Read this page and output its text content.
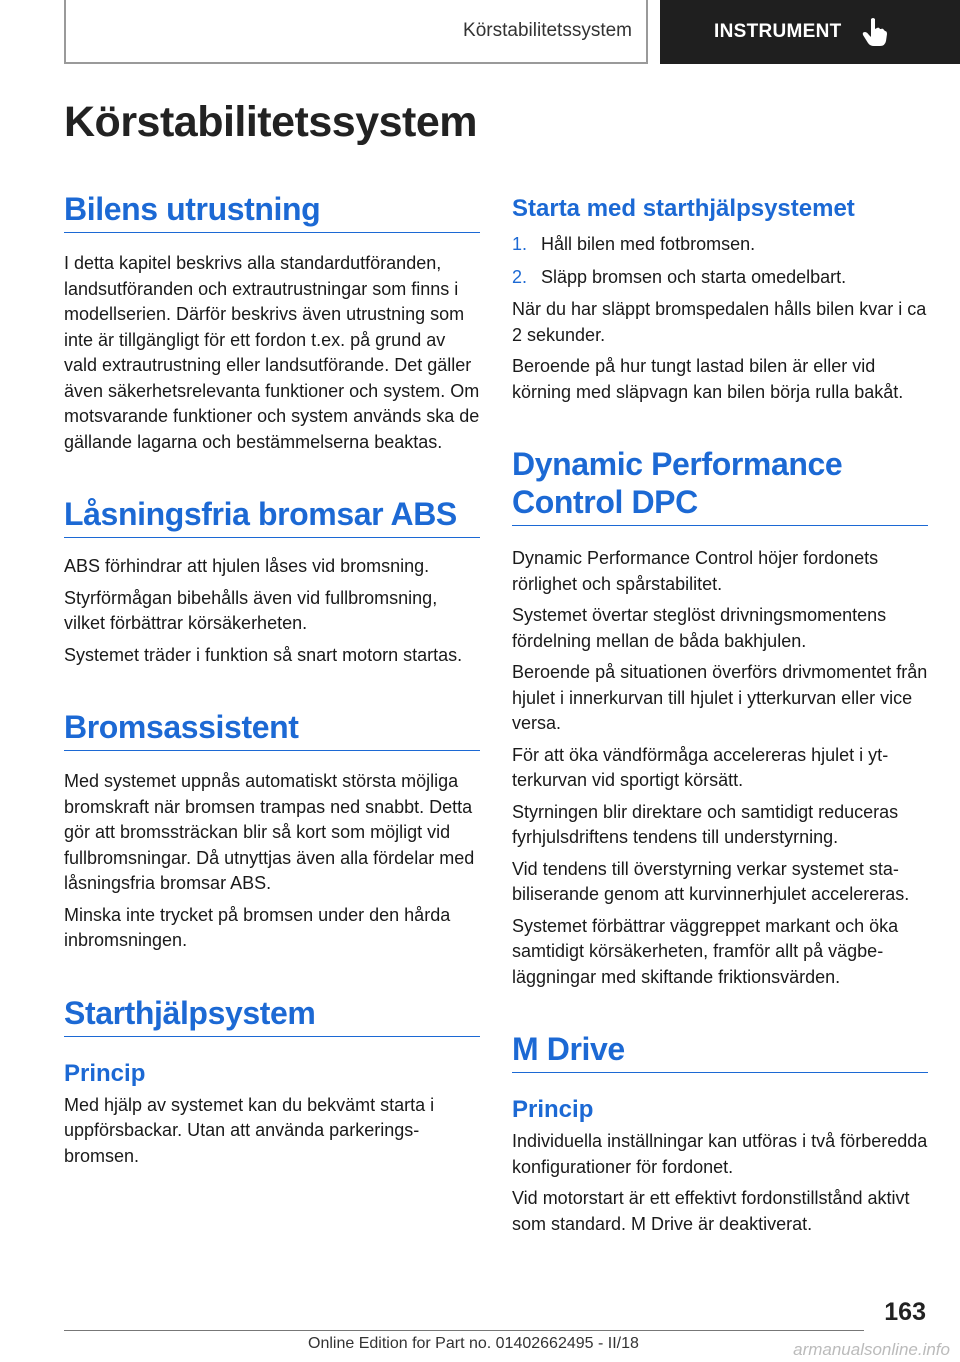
Körstabilitetssystem	INSTRUMENT
Körstabilitetssystem
Bilens utrustning

I detta kapitel beskrivs alla standardutföranden, landsutföranden och extrautrustningar som finns i modellserien. Därför beskrivs även utrustning som inte är tillgängligt för ett fordon t.ex. på grund av vald extrautrustning eller landsutförande. Det gäller även säkerhetsrelevanta funktioner och system. Om motsvarande funktioner och system används ska de gällande lagarna och bestämmelserna beaktas.

Låsningsfria bromsar ABS

ABS förhindrar att hjulen låses vid bromsning.

Styrförmågan bibehålls även vid fullbromsning, vilket förbättrar körsäkerheten.

Systemet träder i funktion så snart motorn startas.

Bromsassistent

Med systemet uppnås automatiskt största möjliga bromskraft när bromsen trampas ned snabbt. Detta gör att bromssträckan blir så kort som möjligt vid fullbromsningar. Då utnyttjas även alla fördelar med låsningsfria bromsar ABS.

Minska inte trycket på bromsen under den hårda inbromsningen.

Starthjälpsystem
Princip

Med hjälp av systemet kan du bekvämt starta i uppförsbackar. Utan att använda parkeringsbromsen.

Starta med starthjälpsystemet
1. Håll bilen med fotbromsen.
2. Släpp bromsen och starta omedelbart.

När du har släppt bromspedalen hålls bilen kvar i ca 2 sekunder.

Beroende på hur tungt lastad bilen är eller vid körning med släpvagn kan bilen börja rulla bakåt.

Dynamic Performance Control DPC

Dynamic Performance Control höjer fordonets rörlighet och spårstabilitet.

Systemet övertar steglöst drivningsmomentens fördelning mellan de båda bakhjulen.

Beroende på situationen överförs drivmomentet från hjulet i innerkurvan till hjulet i ytterkurvan eller vice versa.

För att öka vändförmåga accelereras hjulet i ytterkurvan vid sportigt körsätt.

Styrningen blir direktare och samtidigt reduceras fyrhjulsdriftens tendens till understyrning.

Vid tendens till överstyrning verkar systemet stabiliserande genom att kurvinnerhjulet accelereras.

Systemet förbättrar väggreppet markant och öka samtidigt körsäkerheten, framför allt på vägbeläggningar med skiftande friktionsvärden.

M Drive
Princip

Individuella inställningar kan utföras i två förberedda konfigurationer för fordonet.

Vid motorstart är ett effektivt fordonstillstånd aktivt som standard. M Drive är deaktiverat.

163
Online Edition for Part no. 01402662495 - II/18	armanualsonline.info
